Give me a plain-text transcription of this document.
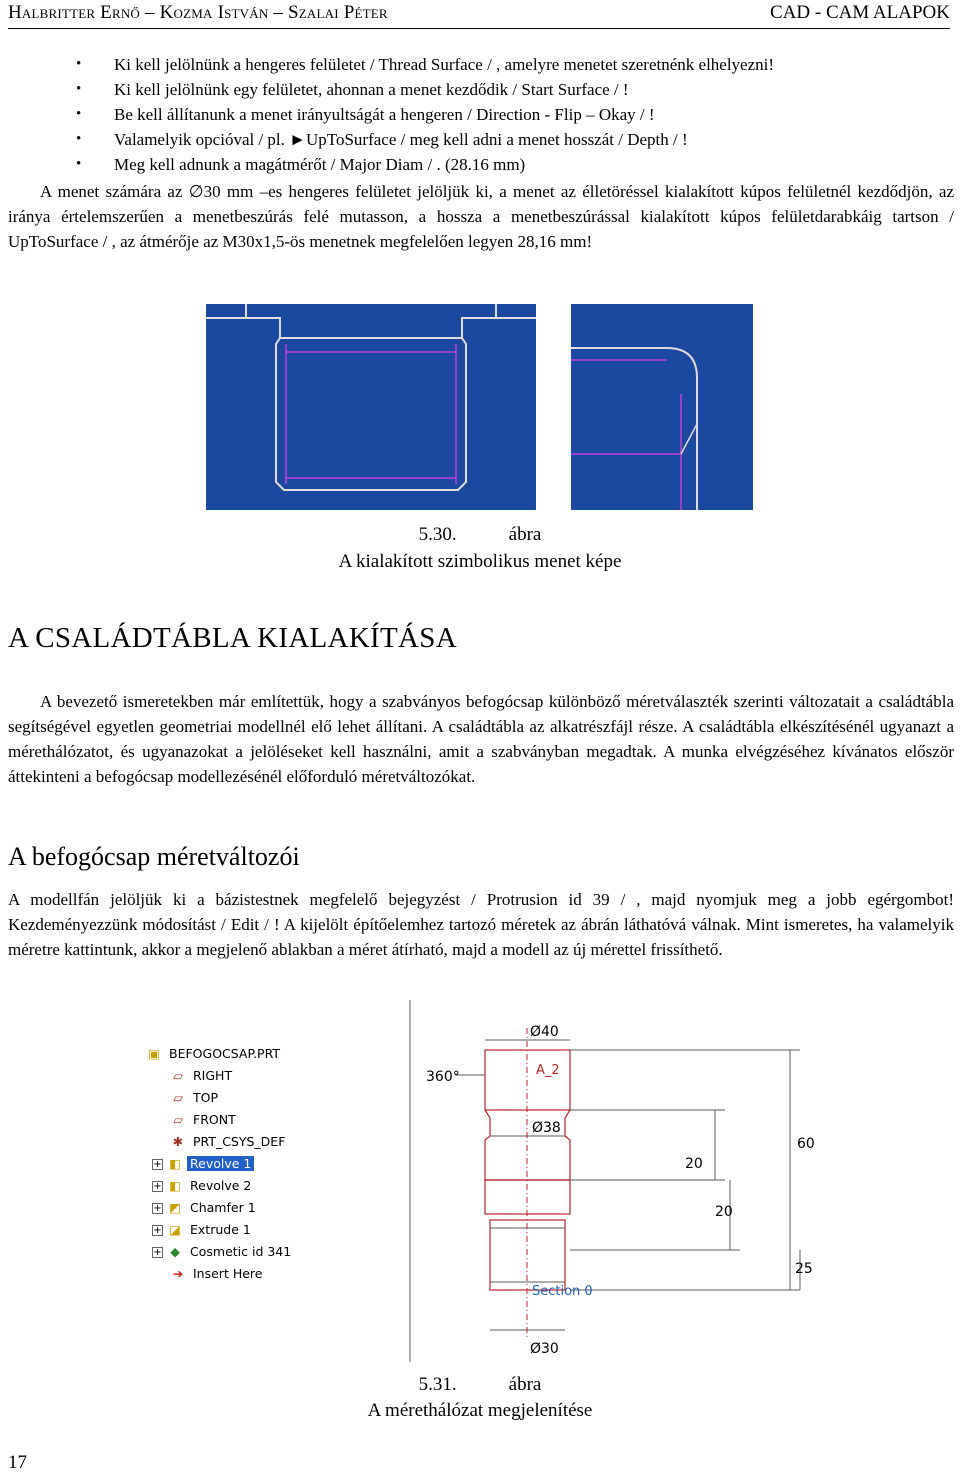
Halbritter Ernő – Kozma István – Szalai Péter	CAD - CAM ALAPOK
• Ki kell jelölnünk a hengeres felületet / Thread Surface / , amelyre menetet szeretnénk elhelyezni!
• Ki kell jelölnünk egy felületet, ahonnan a menet kezdődik / Start Surface / !
• Be kell állítanunk a menet irányultságát a hengeren / Direction - Flip – Okay / !
• Valamelyik opcióval / pl. ►UpToSurface / meg kell adni a menet hosszát / Depth / !
• Meg kell adnunk a magátmérőt / Major Diam / . (28.16 mm)

A menet számára az ∅30 mm –es hengeres felületet jelöljük ki, a menet az élletöréssel kialakított kúpos felületnél kezdődjön, az iránya értelemszerűen a menetbeszúrás felé mutasson, a hossza a menetbeszúrással kialakított kúpos felületdarabkáig tartson / UpToSurface / , az átmérője az M30x1,5-ös menetnek megfelelően legyen 28,16 mm!

5.30.	ábra
A kialakított szimbolikus menet képe
A CSALÁDTÁBLA KIALAKÍTÁSA

A bevezető ismeretekben már említettük, hogy a szabványos befogócsap különböző méretválaszték szerinti változatait a családtábla segítségével egyetlen geometriai modellnél elő lehet állítani. A családtábla az alkatrészfájl része. A családtábla elkészítésénél ugyanazt a mérethálózatot, és ugyanazokat a jelöléseket kell használni, amit a szabványban megadtak. A munka elvégzéséhez kívánatos először áttekinteni a befogócsap modellezésénél előforduló méretváltozókat.

A befogócsap méretváltozói

A modellfán jelöljük ki a bázistestnek megfelelő bejegyzést / Protrusion id 39 / , majd nyomjuk meg a jobb egérgombot! Kezdeményezzünk módosítást / Edit / ! A kijelölt építőelemhez tartozó méretek az ábrán láthatóvá válnak. Mint ismeretes, ha valamelyik méretre kattintunk, akkor a megjelenő ablakban a méret átírható, majd a modell az új mérettel frissíthető.

Ø40
360°	A_2
Ø38
60
20
20
25
Section 0
Ø30
▣ BEFOGOCSAP.PRT
▱ RIGHT
▱ TOP
▱ FRONT
✱ PRT_CSYS_DEF
+ ◧ Revolve 1
+ ◧ Revolve 2
+ ◩ Chamfer 1
+ ◪ Extrude 1
+ ◆ Cosmetic id 341
➔ Insert Here
5.31.	ábra
A mérethálózat megjelenítése
17
